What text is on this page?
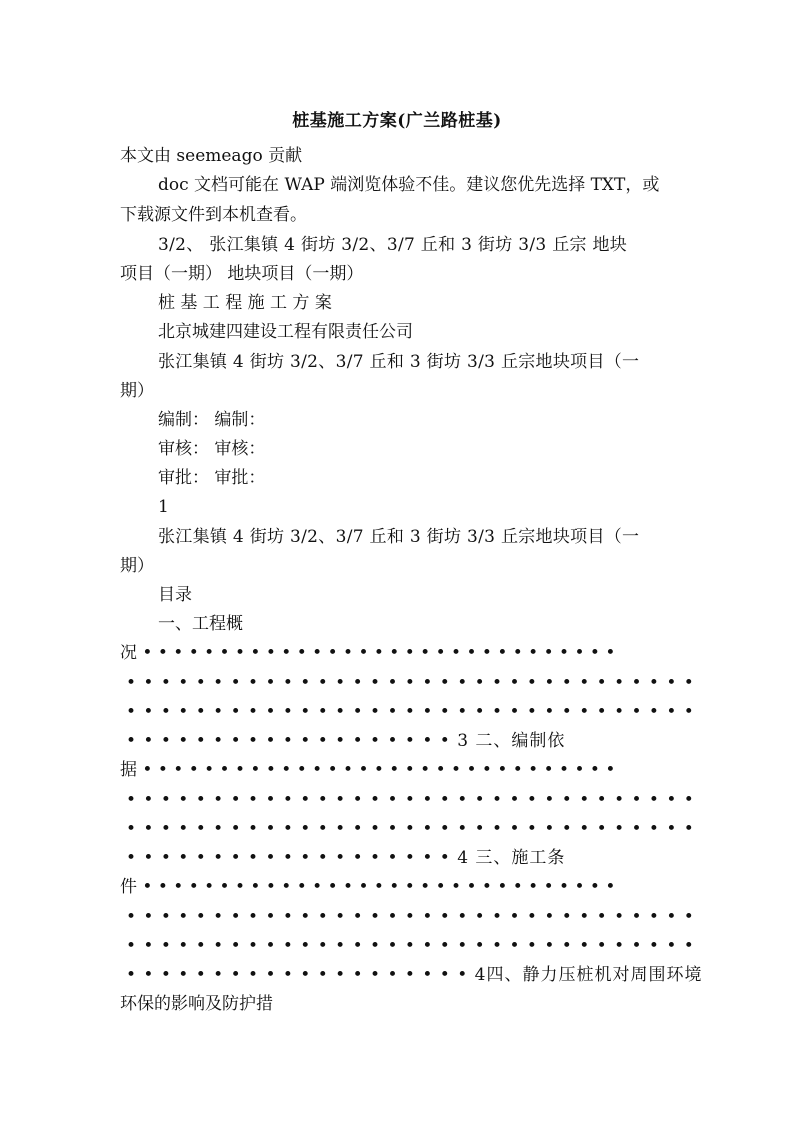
桩基施工方案(广兰路桩基)
本文由 seemeago 贡献
doc 文档可能在 WAP 端浏览体验不佳。建议您优先选择 TXT，或
下载源文件到本机查看。
3/2、 张江集镇 4 街坊 3/2、3/7 丘和 3 街坊 3/3 丘宗 地块
项目（一期） 地块项目（一期）
桩 基 工 程 施 工 方 案
北京城建四建设工程有限责任公司
张江集镇 4 街坊 3/2、3/7 丘和 3 街坊 3/3 丘宗地块项目（一
期）
编制： 编制：
审核： 审核：
审批： 审批：
1
张江集镇 4 街坊 3/2、3/7 丘和 3 街坊 3/3 丘宗地块项目（一
期）
目录
一、工程概
况 • • • • • • • • • • • • • • • • • • • • • • • • • • • • • • •
• • • • • • • • • • • • • • • • • • • • • • • • • • • • • • • • •
• • • • • • • • • • • • • • • • • • • • • • • • • • • • • • • • •
• • • • • • • • • • • • • • • • • • • 3 二、编制依
据 • • • • • • • • • • • • • • • • • • • • • • • • • • • • • • •
• • • • • • • • • • • • • • • • • • • • • • • • • • • • • • • • •
• • • • • • • • • • • • • • • • • • • • • • • • • • • • • • • • •
• • • • • • • • • • • • • • • • • • • 4 三、施工条
件 • • • • • • • • • • • • • • • • • • • • • • • • • • • • • • •
• • • • • • • • • • • • • • • • • • • • • • • • • • • • • • • • •
• • • • • • • • • • • • • • • • • • • • • • • • • • • • • • • • •
• • • • • • • • • • • • • • • • • • • • 4四、静力压桩机对周围环境
环保的影响及防护措
